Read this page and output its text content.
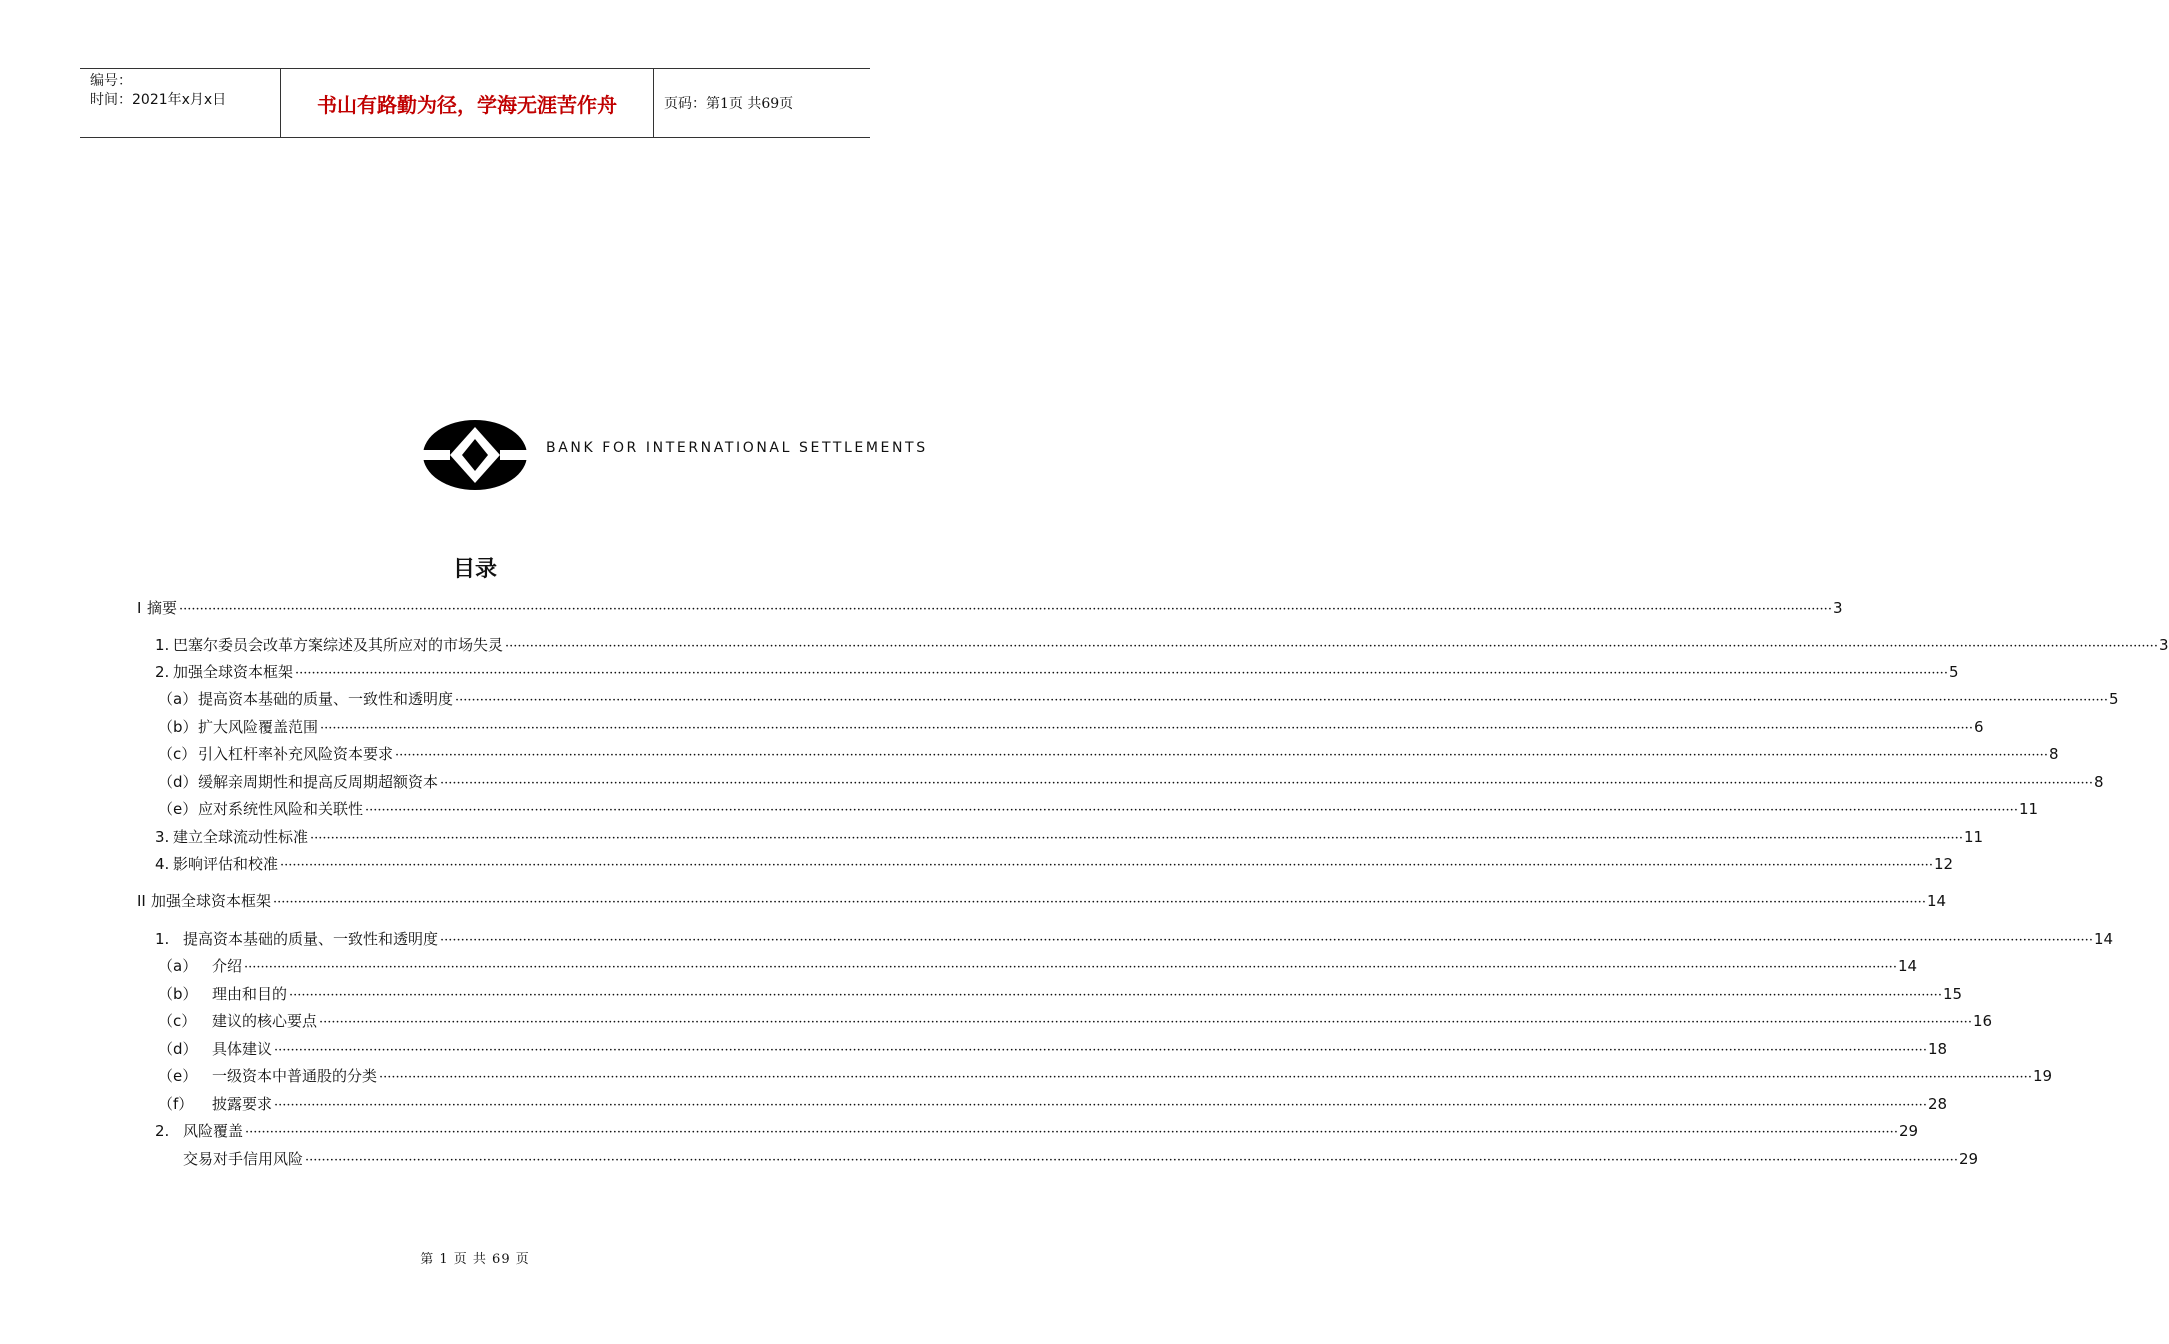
编号：
时间：2021年x月x日	书山有路勤为径，学海无涯苦作舟	页码：第1页 共69页
BANK FOR INTERNATIONAL SETTLEMENTS
目录
I 摘要 ················································································································································································································································································································································································································ 3
1. 巴塞尔委员会改革方案综述及其所应对的市场失灵 ················································································································································································································································································································································································································ 3
2. 加强全球资本框架 ················································································································································································································································································································································································································ 5
（a） 提高资本基础的质量、一致性和透明度 ················································································································································································································································································································································································································ 5
（b） 扩大风险覆盖范围 ················································································································································································································································································································································································································ 6
（c） 引入杠杆率补充风险资本要求 ················································································································································································································································································································································································································ 8
（d） 缓解亲周期性和提高反周期超额资本 ················································································································································································································································································································································································································ 8
（e） 应对系统性风险和关联性 ················································································································································································································································································································································································································ 11
3. 建立全球流动性标准 ················································································································································································································································································································································································································ 11
4. 影响评估和校准 ················································································································································································································································································································································································································ 12
II 加强全球资本框架 ················································································································································································································································································································································································································ 14
1. 提高资本基础的质量、一致性和透明度 ················································································································································································································································································································································································································ 14
（a） 介绍 ················································································································································································································································································································································································································ 14
（b） 理由和目的 ················································································································································································································································································································································································································ 15
（c）	建议的核心要点 ················································································································································································································································································································································································································ 16
（d） 具体建议 ················································································································································································································································································································································································································ 18
（e） 一级资本中普通股的分类 ················································································································································································································································································································································································································ 19
（f）	披露要求 ················································································································································································································································································································································································································ 28
2. 风险覆盖 ················································································································································································································································································································································································································ 29
交易对手信用风险 ················································································································································································································································································································································································································ 29
第 1 页 共 69 页
